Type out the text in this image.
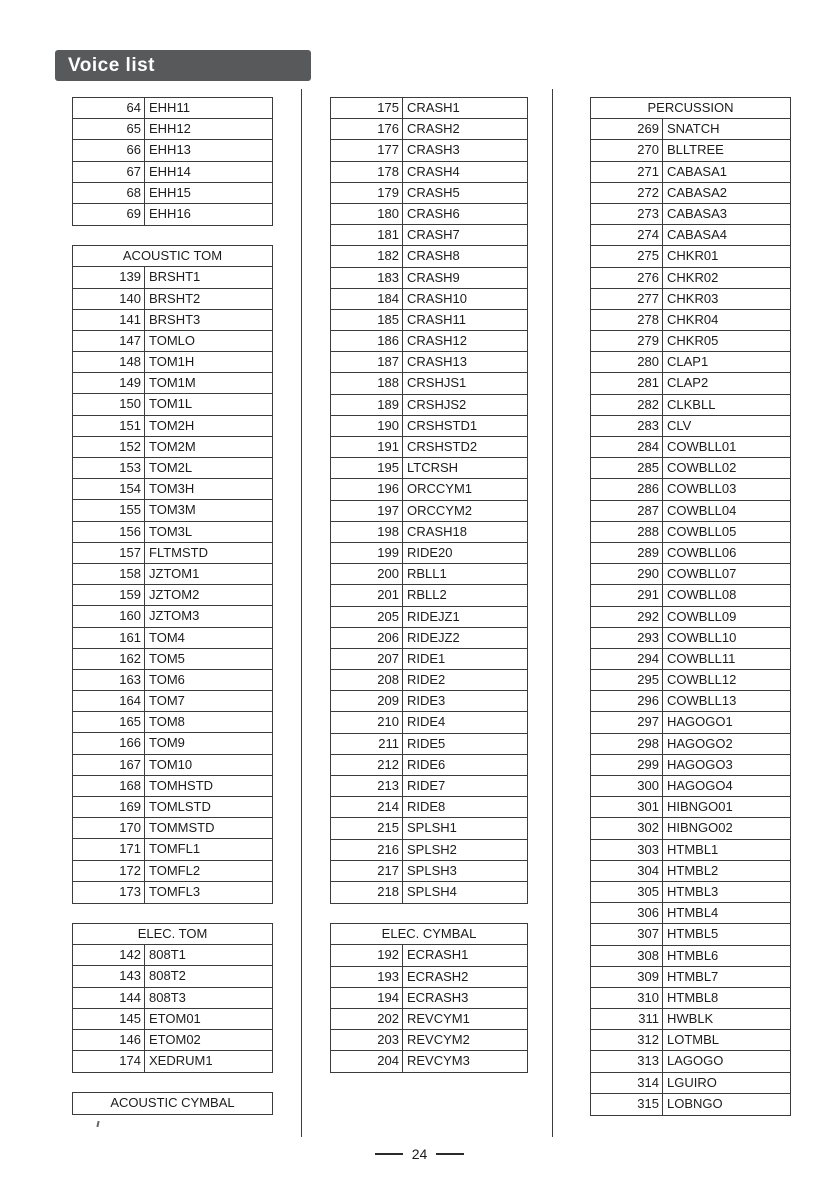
Voice list
64 EHH11
65 EHH12
66 EHH13
67 EHH14
68 EHH15
69 EHH16
ACOUSTIC TOM
139 BRSHT1
140 BRSHT2
141 BRSHT3
147 TOMLO
148 TOM1H
149 TOM1M
150 TOM1L
151 TOM2H
152 TOM2M
153 TOM2L
154 TOM3H
155 TOM3M
156 TOM3L
157 FLTMSTD
158 JZTOM1
159 JZTOM2
160 JZTOM3
161 TOM4
162 TOM5
163 TOM6
164 TOM7
165 TOM8
166 TOM9
167 TOM10
168 TOMHSTD
169 TOMLSTD
170 TOMMSTD
171 TOMFL1
172 TOMFL2
173 TOMFL3
ELEC. TOM
142 808T1
143 808T2
144 808T3
145 ETOM01
146 ETOM02
174 XEDRUM1
ACOUSTIC CYMBAL
175 CRASH1
176 CRASH2
177 CRASH3
178 CRASH4
179 CRASH5
180 CRASH6
181 CRASH7
182 CRASH8
183 CRASH9
184 CRASH10
185 CRASH11
186 CRASH12
187 CRASH13
188 CRSHJS1
189 CRSHJS2
190 CRSHSTD1
191 CRSHSTD2
195 LTCRSH
196 ORCCYM1
197 ORCCYM2
198 CRASH18
199 RIDE20
200 RBLL1
201 RBLL2
205 RIDEJZ1
206 RIDEJZ2
207 RIDE1
208 RIDE2
209 RIDE3
210 RIDE4
211 RIDE5
212 RIDE6
213 RIDE7
214 RIDE8
215 SPLSH1
216 SPLSH2
217 SPLSH3
218 SPLSH4
ELEC. CYMBAL
192 ECRASH1
193 ECRASH2
194 ECRASH3
202 REVCYM1
203 REVCYM2
204 REVCYM3
PERCUSSION
269 SNATCH
270 BLLTREE
271 CABASA1
272 CABASA2
273 CABASA3
274 CABASA4
275 CHKR01
276 CHKR02
277 CHKR03
278 CHKR04
279 CHKR05
280 CLAP1
281 CLAP2
282 CLKBLL
283 CLV
284 COWBLL01
285 COWBLL02
286 COWBLL03
287 COWBLL04
288 COWBLL05
289 COWBLL06
290 COWBLL07
291 COWBLL08
292 COWBLL09
293 COWBLL10
294 COWBLL11
295 COWBLL12
296 COWBLL13
297 HAGOGO1
298 HAGOGO2
299 HAGOGO3
300 HAGOGO4
301 HIBNGO01
302 HIBNGO02
303 HTMBL1
304 HTMBL2
305 HTMBL3
306 HTMBL4
307 HTMBL5
308 HTMBL6
309 HTMBL7
310 HTMBL8
311 HWBLK
312 LOTMBL
313 LAGOGO
314 LGUIRO
315 LOBNGO
24
